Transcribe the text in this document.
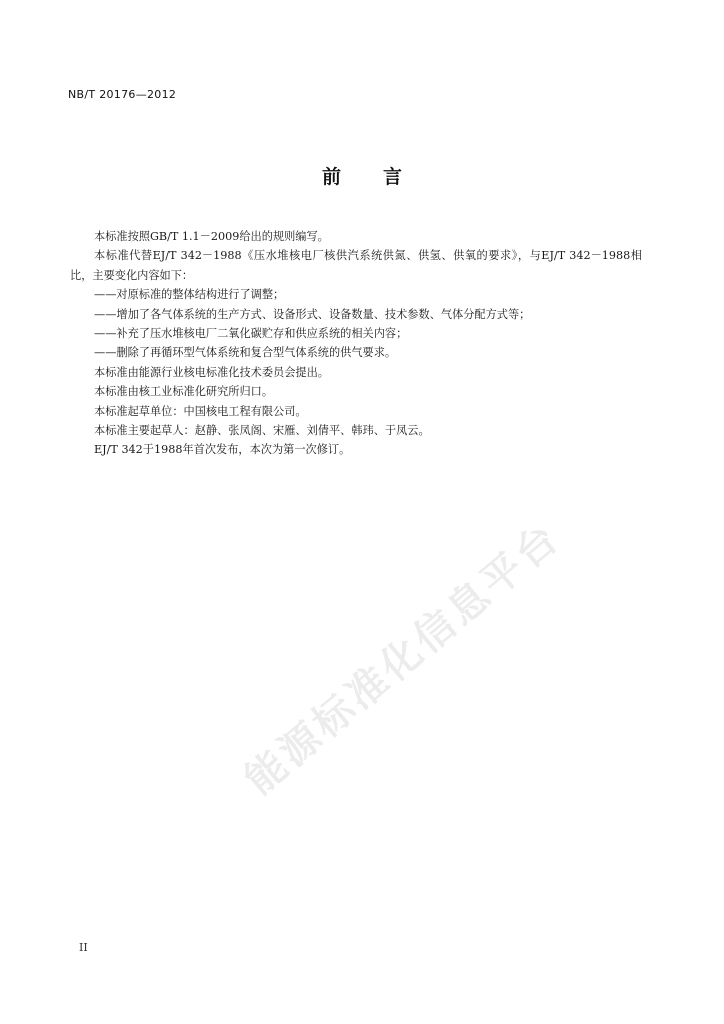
NB/T 20176—2012
前 言

本标准按照GB/T 1.1－2009给出的规则编写。

本标准代替EJ/T 342－1988《压水堆核电厂核供汽系统供氮、供氢、供氧的要求》，与EJ/T 342－1988相比，主要变化内容如下：

——对原标准的整体结构进行了调整；

——增加了各气体系统的生产方式、设备形式、设备数量、技术参数、气体分配方式等；

——补充了压水堆核电厂二氧化碳贮存和供应系统的相关内容；

——删除了再循环型气体系统和复合型气体系统的供气要求。

本标准由能源行业核电标准化技术委员会提出。

本标准由核工业标准化研究所归口。

本标准起草单位：中国核电工程有限公司。

本标准主要起草人：赵静、张凤阁、宋雁、刘倩平、韩玮、于凤云。

EJ/T 342于1988年首次发布，本次为第一次修订。

能源标准化信息平台
II
